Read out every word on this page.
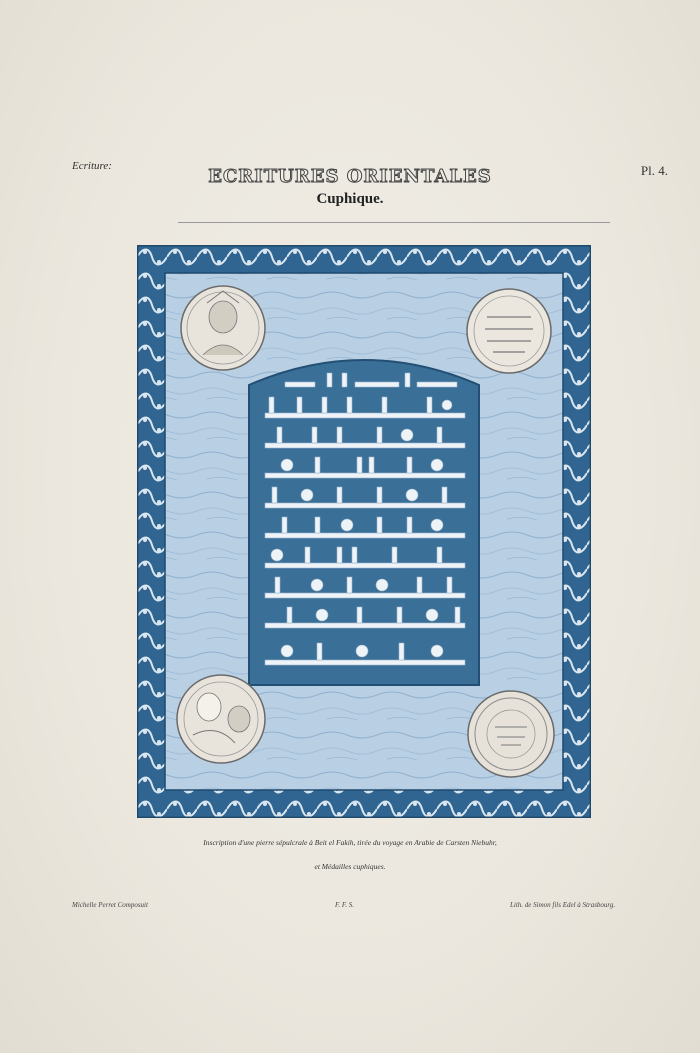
Ecriture:	ECRITURES ORIENTALES	Pl. 4.
Cuphique.
Inscription d'une pierre sépulcrale à Beit el Fakih, tirée du voyage en Arabie de Carsten Niebuhr,
et Médailles cuphiques.
Michelle Perret Composuit	F. F. S.	Lith. de Simon fils Edel à Strasbourg.
